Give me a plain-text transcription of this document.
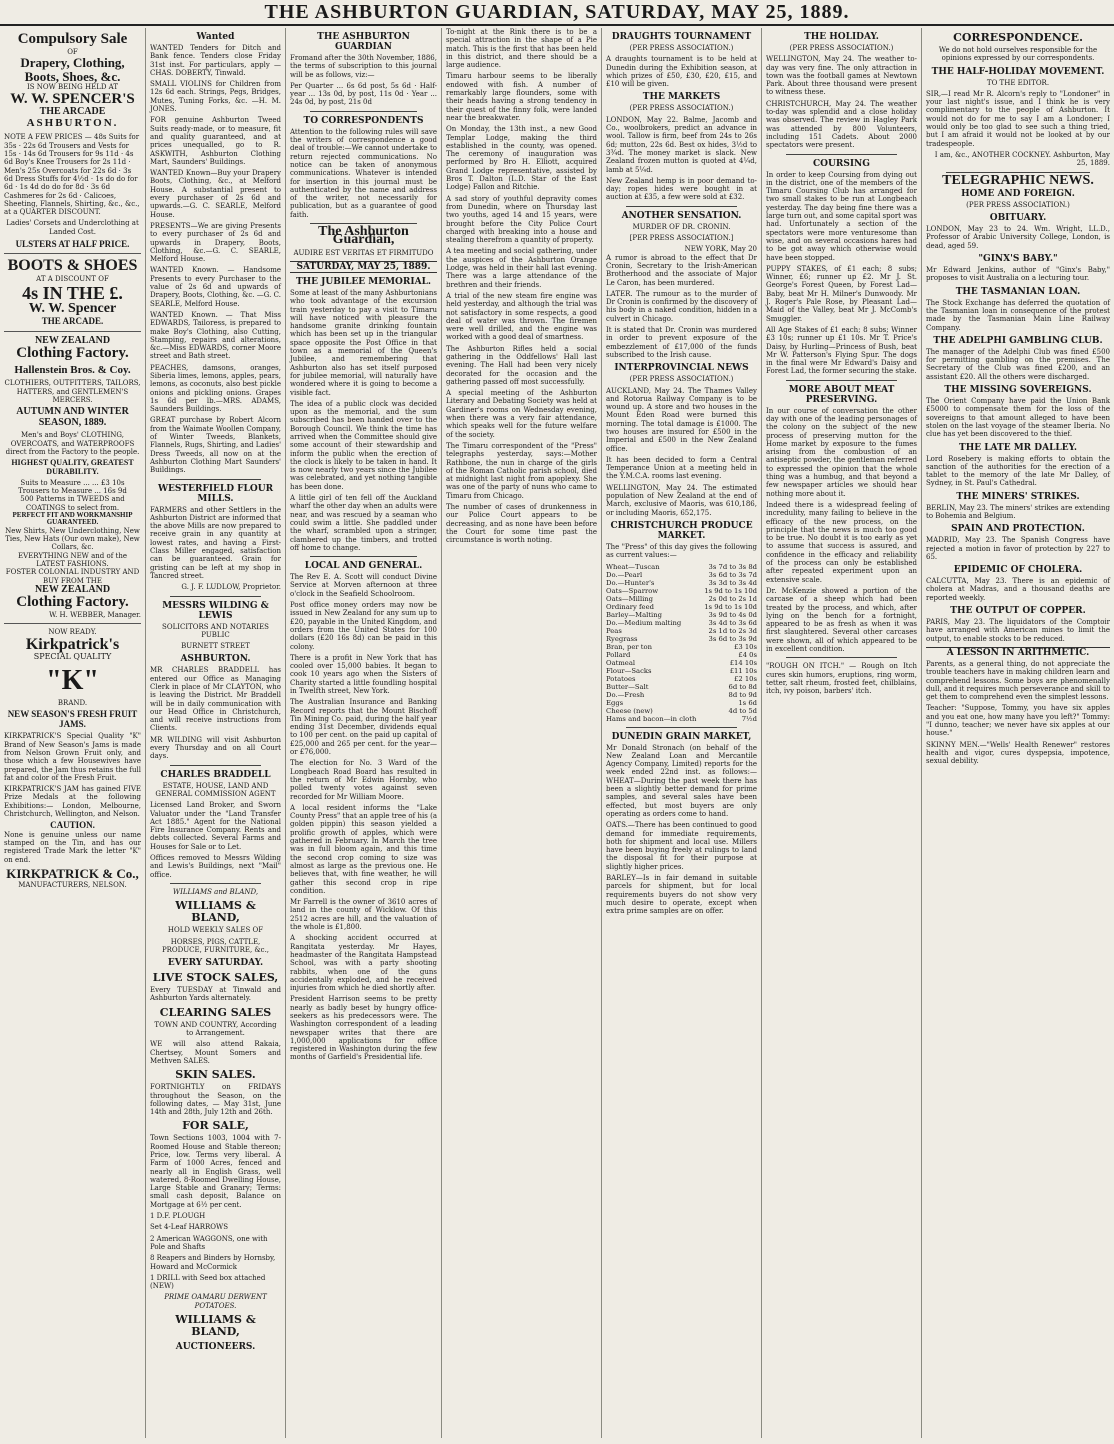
THE ASHBURTON GUARDIAN, SATURDAY, MAY 25, 1889.
Compulsory Sale
OF
Drapery, Clothing, Boots, Shoes, &c.
IS NOW BEING HELD AT
W. W. SPENCER'S
THE ARCADE
ASHBURTON.

NOTE A FEW PRICES — 48s Suits for 35s · 22s 6d Trousers and Vests for 15s · 14s 6d Trousers for 9s 11d · 4s 6d Boy's Knee Trousers for 2s 11d · Men's 25s Overcoats for 22s 6d · 3s 6d Dress Stuffs for 4½d · 1s do do for 6d · 1s 4d do do for 8d · 3s 6d Cashmeres for 2s 6d · Calicoes, Sheeting, Flannels, Shirting, &c., &c., at a QUARTER DISCOUNT.

Ladies' Corsets and Underclothing at Landed Cost.
ULSTERS AT HALF PRICE.
BOOTS & SHOES
AT A DISCOUNT OF
4s IN THE £.
W. W. Spencer
THE ARCADE.
NEW ZEALAND
Clothing Factory.
Hallenstein Bros. & Coy.
CLOTHIERS, OUTFITTERS, TAILORS, HATTERS, and GENTLEMEN'S MERCERS.
AUTUMN AND WINTER SEASON, 1889.
Men's and Boys' CLOTHING, OVERCOATS, and WATERPROOFS direct from the Factory to the people.
HIGHEST QUALITY, GREATEST DURABILITY.
Suits to Measure ... ... £3 10s
Trousers to Measure ... 16s 9d
500 Patterns in TWEEDS and COATINGS to select from.
PERFECT FIT AND WORKMANSHIP GUARANTEED.
New Shirts, New Underclothing, New Ties, New Hats (Our own make), New Collars, &c.
EVERYTHING NEW and of the LATEST FASHIONS.
FOSTER COLONIAL INDUSTRY AND BUY FROM THE
NEW ZEALAND
Clothing Factory.
W. H. WEBBER, Manager.
NOW READY.
Kirkpatrick's
SPECIAL QUALITY
"K"
BRAND.
NEW SEASON'S FRESH FRUIT JAMS.

KIRKPATRICK'S Special Quality "K" Brand of New Season's Jams is made from Nelson Grown Fruit only, and those which a few Housewives have prepared, the Jam thus retains the full fat and color of the Fresh Fruit.

KIRKPATRICK'S JAM has gained FIVE Prize Medals at the following Exhibitions:— London, Melbourne, Christchurch, Wellington, and Nelson.

CAUTION.

None is genuine unless our name stamped on the Tin, and has our registered Trade Mark the letter "K" on end.

KIRKPATRICK & Co.,
MANUFACTURERS, NELSON.
Wanted

WANTED Tenders for Ditch and Bank fence. Tenders close Friday 31st inst. For particulars, apply —CHAS. DOBERTY, Tinwald.

SMALL VIOLINS for Children from 12s 6d each. Strings, Pegs, Bridges, Mutes, Tuning Forks, &c. —H. M. JONES.

FOR genuine Ashburton Tweed Suits ready-made, or to measure, fit and quality guaranteed, and at prices unequalled, go to R. ASKWITH, Ashburton Clothing Mart, Saunders' Buildings.

WANTED Known—Buy your Drapery Boots, Clothing, &c., at Melford House. A substantial present to every purchaser of 2s 6d and upwards.—G. C. SEARLE, Melford House.

PRESENTS—We are giving Presents to every purchaser of 2s 6d and upwards in Drapery, Boots, Clothing, &c.—G. C. SEARLE, Melford House.

WANTED Known. — Handsome Presents to every Purchaser to the value of 2s 6d and upwards of Drapery, Boots, Clothing, &c. —G. C. SEARLE, Melford House.

WANTED Known. — That Miss EDWARDS, Tailoress, is prepared to make Boy's Clothing, also Cutting, Stamping, repairs and alterations, &c.—Miss EDWARDS, corner Moore street and Bath street.

PEACHES, damsons, oranges, Siberia limes, lemons, apples, pears, lemons, as coconuts, also best pickle onions and pickling onions. Grapes 1s 6d per lb.—MRS. ADAMS, Saunders Buildings.

GREAT purchase by Robert Alcorn from the Waimate Woollen Company, of Winter Tweeds, Blankets, Flannels, Rugs, Shirting, and Ladies' Dress Tweeds, all now on at the Ashburton Clothing Mart Saunders' Buildings.

WESTERFIELD FLOUR MILLS.

FARMERS and other Settlers in the Ashburton District are informed that the above Mills are now prepared to receive grain in any quantity at lowest rates, and having a First-Class Miller engaged, satisfaction can be guaranteed. Grain for gristing can be left at my shop in Tancred street.

G. J. F. LUDLOW, Proprietor.
MESSRS WILDING & LEWIS
SOLICITORS AND NOTARIES PUBLIC
BURNETT STREET
ASHBURTON.

MR CHARLES BRADDELL has entered our Office as Managing Clerk in place of Mr CLAYTON, who is leaving the District. Mr Braddell will be in daily communication with our Head Office in Christchurch, and will receive instructions from Clients.

MR WILDING will visit Ashburton every Thursday and on all Court days.

CHARLES BRADDELL
ESTATE, HOUSE, LAND AND GENERAL COMMISSION AGENT

Licensed Land Broker, and Sworn Valuator under the "Land Transfer Act 1885." Agent for the National Fire Insurance Company. Rents and debts collected. Several Farms and Houses for Sale or to Let.

Offices removed to Messrs Wilding and Lewis's Buildings, next "Mail" office.

WILLIAMS and BLAND,
WILLIAMS & BLAND,
HOLD WEEKLY SALES OF
HORSES, PIGS, CATTLE, PRODUCE, FURNITURE, &c.,
EVERY SATURDAY.
LIVE STOCK SALES,

Every TUESDAY at Tinwald and Ashburton Yards alternately.

CLEARING SALES
TOWN AND COUNTRY, According to Arrangement.

WE will also attend Rakaia, Chertsey, Mount Somers and Methven SALES.

SKIN SALES.

FORTNIGHTLY on FRIDAYS throughout the Season, on the following dates, — May 31st, June 14th and 28th, July 12th and 26th.

FOR SALE,

Town Sections 1003, 1004 with 7-Roomed House and Stable thereon; Price, low. Terms very liberal. A Farm of 1000 Acres, fenced and nearly all in English Grass, well watered, 8-Roomed Dwelling House, Large Stable and Granary; Terms: small cash deposit, Balance on Mortgage at 6½ per cent.

1 D.F. PLOUGH
Set 4-Leaf HARROWS
2 American WAGGONS, one with Pole and Shafts
8 Reapers and Binders by Hornsby, Howard and McCormick
1 DRILL with Seed box attached (NEW)
PRIME OAMARU DERWENT POTATOES.
WILLIAMS & BLAND,
AUCTIONEERS.
THE ASHBURTON GUARDIAN

Fromand after the 30th November, 1886, the terms of subscription to this journal will be as follows, viz:—

Per Quarter ... 6s 6d post, 5s 6d · Half-year ... 13s 0d, by post, 11s 0d · Year ... 24s 0d, by post, 21s 0d

TO CORRESPONDENTS

Attention to the following rules will save the writers of correspondence a good deal of trouble:—We cannot undertake to return rejected communications. No notice can be taken of anonymous communications. Whatever is intended for insertion in this journal must be authenticated by the name and address of the writer, not necessarily for publication, but as a guarantee of good faith.

The Ashburton Guardian,
AUDIRE EST VERITAS ET FIRMITUDO
SATURDAY, MAY 25, 1889.
THE JUBILEE MEMORIAL.

Some at least of the many Ashburtonians who took advantage of the excursion train yesterday to pay a visit to Timaru will have noticed with pleasure the handsome granite drinking fountain which has been set up in the triangular space opposite the Post Office in that town as a memorial of the Queen's Jubilee, and remembering that Ashburton also has set itself purposed for jubilee memorial, will naturally have wondered where it is going to become a visible fact.

The idea of a public clock was decided upon as the memorial, and the sum subscribed has been handed over to the Borough Council. We think the time has arrived when the Committee should give some account of their stewardship and inform the public when the erection of the clock is likely to be taken in hand. It is now nearly two years since the Jubilee was celebrated, and yet nothing tangible has been done.

A little girl of ten fell off the Auckland wharf the other day when an adults were near, and was rescued by a seaman who could swim a little. She paddled under the wharf, scrambled upon a stringer, clambered up the timbers, and trotted off home to change.

LOCAL AND GENERAL.

The Rev E. A. Scott will conduct Divine Service at Morven afternoon at three o'clock in the Seafield Schoolroom.

Post office money orders may now be issued in New Zealand for any sum up to £20, payable in the United Kingdom, and orders from the United States for 100 dollars (£20 16s 8d) can be paid in this colony.

There is a profit in New York that has cooled over 15,000 babies. It began to cook 10 years ago when the Sisters of Charity started a little foundling hospital in Twelfth street, New York.

The Australian Insurance and Banking Record reports that the Mount Bischoff Tin Mining Co. paid, during the half year ending 31st December, dividends equal to 100 per cent. on the paid up capital of £25,000 and 265 per cent. for the year—or £76,000.

The election for No. 3 Ward of the Longbeach Road Board has resulted in the return of Mr Edwin Hornby, who polled twenty votes against seven recorded for Mr William Moore.

A local resident informs the "Lake County Press" that an apple tree of his (a golden pippin) this season yielded a prolific growth of apples, which were gathered in February. In March the tree was in full bloom again, and this time the second crop coming to size was almost as large as the previous one. He believes that, with fine weather, he will gather this second crop in ripe condition.

Mr Farrell is the owner of 3610 acres of land in the county of Wicklow. Of this 2512 acres are hill, and the valuation of the whole is £1,800.

A shocking accident occurred at Rangitata yesterday. Mr Hayes, headmaster of the Rangitata Hampstead School, was with a party shooting rabbits, when one of the guns accidentally exploded, and he received injuries from which he died shortly after.

President Harrison seems to be pretty nearly as badly beset by hungry office-seekers as his predecessors were. The Washington correspondent of a leading newspaper writes that there are 1,000,000 applications for office registered in Washington during the few months of Garfield's Presidential life.

To-night at the Rink there is to be a special attraction in the shape of a Pie match. This is the first that has been held in this district, and there should be a large audience.

Timaru harbour seems to be liberally endowed with fish. A number of remarkably large flounders, some with their heads having a strong tendency in their quest of the finny folk, were landed near the breakwater.

On Monday, the 13th inst., a new Good Templar Lodge, making the third established in the county, was opened. The ceremony of inauguration was performed by Bro H. Elliott, acquired Grand Lodge representative, assisted by Bros T. Dalton (L.D. Star of the East Lodge) Fallon and Ritchie.

A sad story of youthful depravity comes from Dunedin, where on Thursday last two youths, aged 14 and 15 years, were brought before the City Police Court charged with breaking into a house and stealing therefrom a quantity of property.

A tea meeting and social gathering, under the auspices of the Ashburton Orange Lodge, was held in their hall last evening. There was a large attendance of the brethren and their friends.

A trial of the new steam fire engine was held yesterday, and although the trial was not satisfactory in some respects, a good deal of water was thrown. The firemen were well drilled, and the engine was worked with a good deal of smartness.

The Ashburton Rifles held a social gathering in the Oddfellows' Hall last evening. The Hall had been very nicely decorated for the occasion and the gathering passed off most successfully.

A special meeting of the Ashburton Literary and Debating Society was held at Gardiner's rooms on Wednesday evening, when there was a very fair attendance, which speaks well for the future welfare of the society.

The Timaru correspondent of the "Press" telegraphs yesterday, says:—Mother Rathbone, the nun in charge of the girls of the Roman Catholic parish school, died at midnight last night from apoplexy. She was one of the party of nuns who came to Timaru from Chicago.

The number of cases of drunkenness in our Police Court appears to be decreasing, and as none have been before the Court for some time past the circumstance is worth noting.

DRAUGHTS TOURNAMENT
(PER PRESS ASSOCIATION.)

A draughts tournament is to be held at Dunedin during the Exhibition season, at which prizes of £50, £30, £20, £15, and £10 will be given.

THE MARKETS
(PER PRESS ASSOCIATION.)

LONDON, May 22. Balme, Jacomb and Co., woolbrokers, predict an advance in wool. Tallow is firm, beef from 24s to 26s 6d; mutton, 22s 6d. Best ox hides, 3½d to 3¾d. The money market is slack. New Zealand frozen mutton is quoted at 4¼d, lamb at 5¼d.

New Zealand hemp is in poor demand to-day; ropes hides were bought in at auction at £35, a few were sold at £32.

ANOTHER SENSATION.
MURDER OF DR. CRONIN.
[PER PRESS ASSOCIATION.]
NEW YORK, May 20

A rumor is abroad to the effect that Dr Cronin, Secretary to the Irish-American Brotherhood and the associate of Major Le Caron, has been murdered.

LATER. The rumour as to the murder of Dr Cronin is confirmed by the discovery of his body in a naked condition, hidden in a culvert in Chicago.

It is stated that Dr. Cronin was murdered in order to prevent exposure of the embezzlement of £17,000 of the funds subscribed to the Irish cause.

INTERPROVINCIAL NEWS
(PER PRESS ASSOCIATION.)

AUCKLAND, May 24. The Thames Valley and Rotorua Railway Company is to be wound up. A store and two houses in the Mount Eden Road were burned this morning. The total damage is £1000. The two houses are insured for £500 in the Imperial and £500 in the New Zealand office.

It has been decided to form a Central Temperance Union at a meeting held in the Y.M.C.A. rooms last evening.

WELLINGTON, May 24. The estimated population of New Zealand at the end of March, exclusive of Maoris, was 610,186, or including Maoris, 652,175.

CHRISTCHURCH PRODUCE MARKET.

The "Press" of this day gives the following as current values:—

Wheat—Tuscan	3s 7d to 3s 8d
Do.—Pearl	3s 6d to 3s 7d
Do.—Hunter's	3s 3d to 3s 4d
Oats—Sparrow	1s 9d to 1s 10d
Oats—Milling	2s 0d to 2s 1d
Ordinary feed	1s 9d to 1s 10d
Barley—Malting	3s 9d to 4s 0d
Do.—Medium malting	3s 4d to 3s 6d
Peas	2s 1d to 2s 3d
Ryegrass	3s 6d to 3s 9d
Bran, per ton	£3 10s
Pollard	£4 0s
Oatmeal	£14 10s
Flour—Sacks	£11 10s
Potatoes	£2 10s
Butter—Salt	6d to 8d
Do.—Fresh	8d to 9d
Eggs	1s 6d
Cheese (new)	4d to 5d
Hams and bacon—in cloth	7½d
DUNEDIN GRAIN MARKET,

Mr Donald Stronach (on behalf of the New Zealand Loan and Mercantile Agency Company, Limited) reports for the week ended 22nd inst. as follows:— WHEAT—During the past week there has been a slightly better demand for prime samples, and several sales have been effected, but most buyers are only operating as orders come to hand.

OATS.—There has been continued to good demand for immediate requirements, both for shipment and local use. Millers have been buying freely at rulings to land the disposal fit for their purpose at slightly higher prices.

BARLEY—Is in fair demand in suitable parcels for shipment, but for local requirements buyers do not show very much desire to operate, except when extra prime samples are on offer.

THE HOLIDAY.
(PER PRESS ASSOCIATION.)

WELLINGTON, May 24. The weather to-day was very fine. The only attraction in town was the football games at Newtown Park. About three thousand were present to witness these.

CHRISTCHURCH, May 24. The weather to-day was splendid and a close holiday was observed. The review in Hagley Park was attended by 800 Volunteers, including 151 Cadets. About 2000 spectators were present.

COURSING

In order to keep Coursing from dying out in the district, one of the members of the Timaru Coursing Club has arranged for two small stakes to be run at Longbeach yesterday. The day being fine there was a large turn out, and some capital sport was had. Unfortunately a section of the spectators were more venturesome than wise, and on several occasions hares had to be got away which otherwise would have been stopped.

PUPPY STAKES, of £1 each; 8 subs; Winner, £6; runner up £2. Mr J. St. George's Forest Queen, by Forest Lad—Baby, beat Mr H. Milner's Dunwoody. Mr J. Roger's Pale Rose, by Pleasant Lad—Maid of the Valley, beat Mr J. McComb's Smuggler.

All Age Stakes of £1 each; 8 subs; Winner £3 10s; runner up £1 10s. Mr T. Price's Daisy, by Hurling—Princess of Bush, beat Mr W. Patterson's Flying Spur. The dogs in the final were Mr Edward's Daisy and Forest Lad, the former securing the stake.

MORE ABOUT MEAT PRESERVING.

In our course of conversation the other day with one of the leading personages of the colony on the subject of the new process of preserving mutton for the Home market by exposure to the fumes arising from the combustion of an antiseptic powder, the gentleman referred to expressed the opinion that the whole thing was a humbug, and that beyond a few newspaper articles we should hear nothing more about it.

Indeed there is a widespread feeling of incredulity, many failing to believe in the efficacy of the new process, on the principle that the news is much too good to be true. No doubt it is too early as yet to assume that success is assured, and confidence in the efficacy and reliability of the process can only be established after repeated experiment upon an extensive scale.

Dr. McKenzie showed a portion of the carcase of a sheep which had been treated by the process, and which, after lying on the bench for a fortnight, appeared to be as fresh as when it was first slaughtered. Several other carcases were shown, all of which appeared to be in excellent condition.

"ROUGH ON ITCH." — Rough on Itch cures skin humors, eruptions, ring worm, tetter, salt rheum, frosted feet, chilblains, itch, ivy poison, barbers' itch.

CORRESPONDENCE.
We do not hold ourselves responsible for the opinions expressed by our correspondents.
THE HALF-HOLIDAY MOVEMENT.
TO THE EDITOR.

SIR,—I read Mr R. Alcorn's reply to "Londoner" in your last night's issue, and I think he is very complimentary to the people of Ashburton. It would not do for me to say I am a Londoner; I would only be too glad to see such a thing tried, but I am afraid it would not be looked at by our tradespeople.

I am, &c., ANOTHER COCKNEY. Ashburton, May 25, 1889.

TELEGRAPHIC NEWS.
HOME AND FOREIGN.
(PER PRESS ASSOCIATION.)
OBITUARY.

LONDON, May 23 to 24. Wm. Wright, LL.D., Professor of Arabic University College, London, is dead, aged 59.

"GINX'S BABY."

Mr Edward Jenkins, author of "Ginx's Baby," proposes to visit Australia on a lecturing tour.

THE TASMANIAN LOAN.

The Stock Exchange has deferred the quotation of the Tasmanian loan in consequence of the protest made by the Tasmanian Main Line Railway Company.

THE ADELPHI GAMBLING CLUB.

The manager of the Adelphi Club was fined £500 for permitting gambling on the premises. The Secretary of the Club was fined £200, and an assistant £20. All the others were discharged.

THE MISSING SOVEREIGNS.

The Orient Company have paid the Union Bank £5000 to compensate them for the loss of the sovereigns to that amount alleged to have been stolen on the last voyage of the steamer Iberia. No clue has yet been discovered to the thief.

THE LATE MR DALLEY.

Lord Rosebery is making efforts to obtain the sanction of the authorities for the erection of a tablet to the memory of the late Mr Dalley, of Sydney, in St. Paul's Cathedral.

THE MINERS' STRIKES.

BERLIN, May 23. The miners' strikes are extending to Bohemia and Belgium.

SPAIN AND PROTECTION.

MADRID, May 23. The Spanish Congress have rejected a motion in favor of protection by 227 to 65.

EPIDEMIC OF CHOLERA.

CALCUTTA, May 23. There is an epidemic of cholera at Madras, and a thousand deaths are reported weekly.

THE OUTPUT OF COPPER.

PARIS, May 23. The liquidators of the Comptoir have arranged with American mines to limit the output, to enable stocks to be reduced.

A LESSON IN ARITHMETIC.

Parents, as a general thing, do not appreciate the trouble teachers have in making children learn and comprehend lessons. Some boys are phenomenally dull, and it requires much perseverance and skill to get them to comprehend even the simplest lessons.

Teacher: "Suppose, Tommy, you have six apples and you eat one, how many have you left?" Tommy: "I dunno, teacher; we never have six apples at our house."

SKINNY MEN.—"Wells' Health Renewer" restores health and vigor, cures dyspepsia, impotence, sexual debility.
